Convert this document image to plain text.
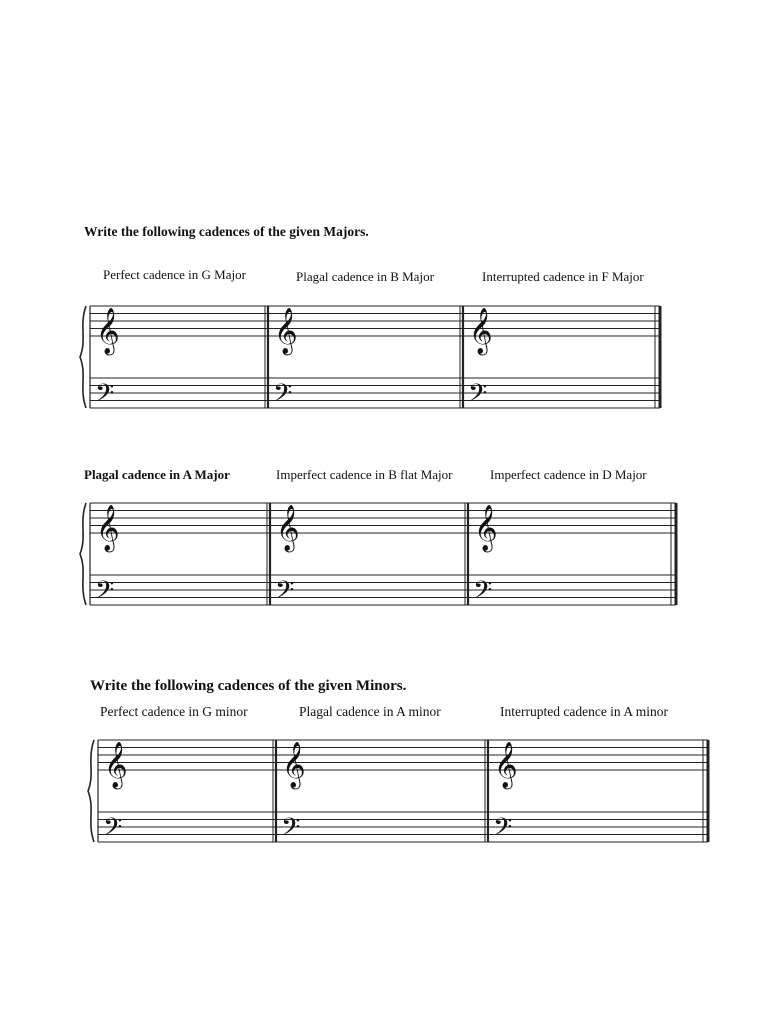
Write the following cadences of the given Majors.
Perfect cadence in G Major	Plagal cadence in B Major	Interrupted cadence in F Major
Plagal cadence in A Major	Imperfect cadence in B flat Major	Imperfect cadence in D Major
Write the following cadences of the given Minors.
Perfect cadence in G minor	Plagal cadence in A minor	Interrupted cadence in A minor
𝄞
𝄢
𝄞
𝄢
𝄞
𝄢
𝄞
𝄢
𝄞
𝄢
𝄞
𝄢
𝄞
𝄢
𝄞
𝄢
𝄞
𝄢
